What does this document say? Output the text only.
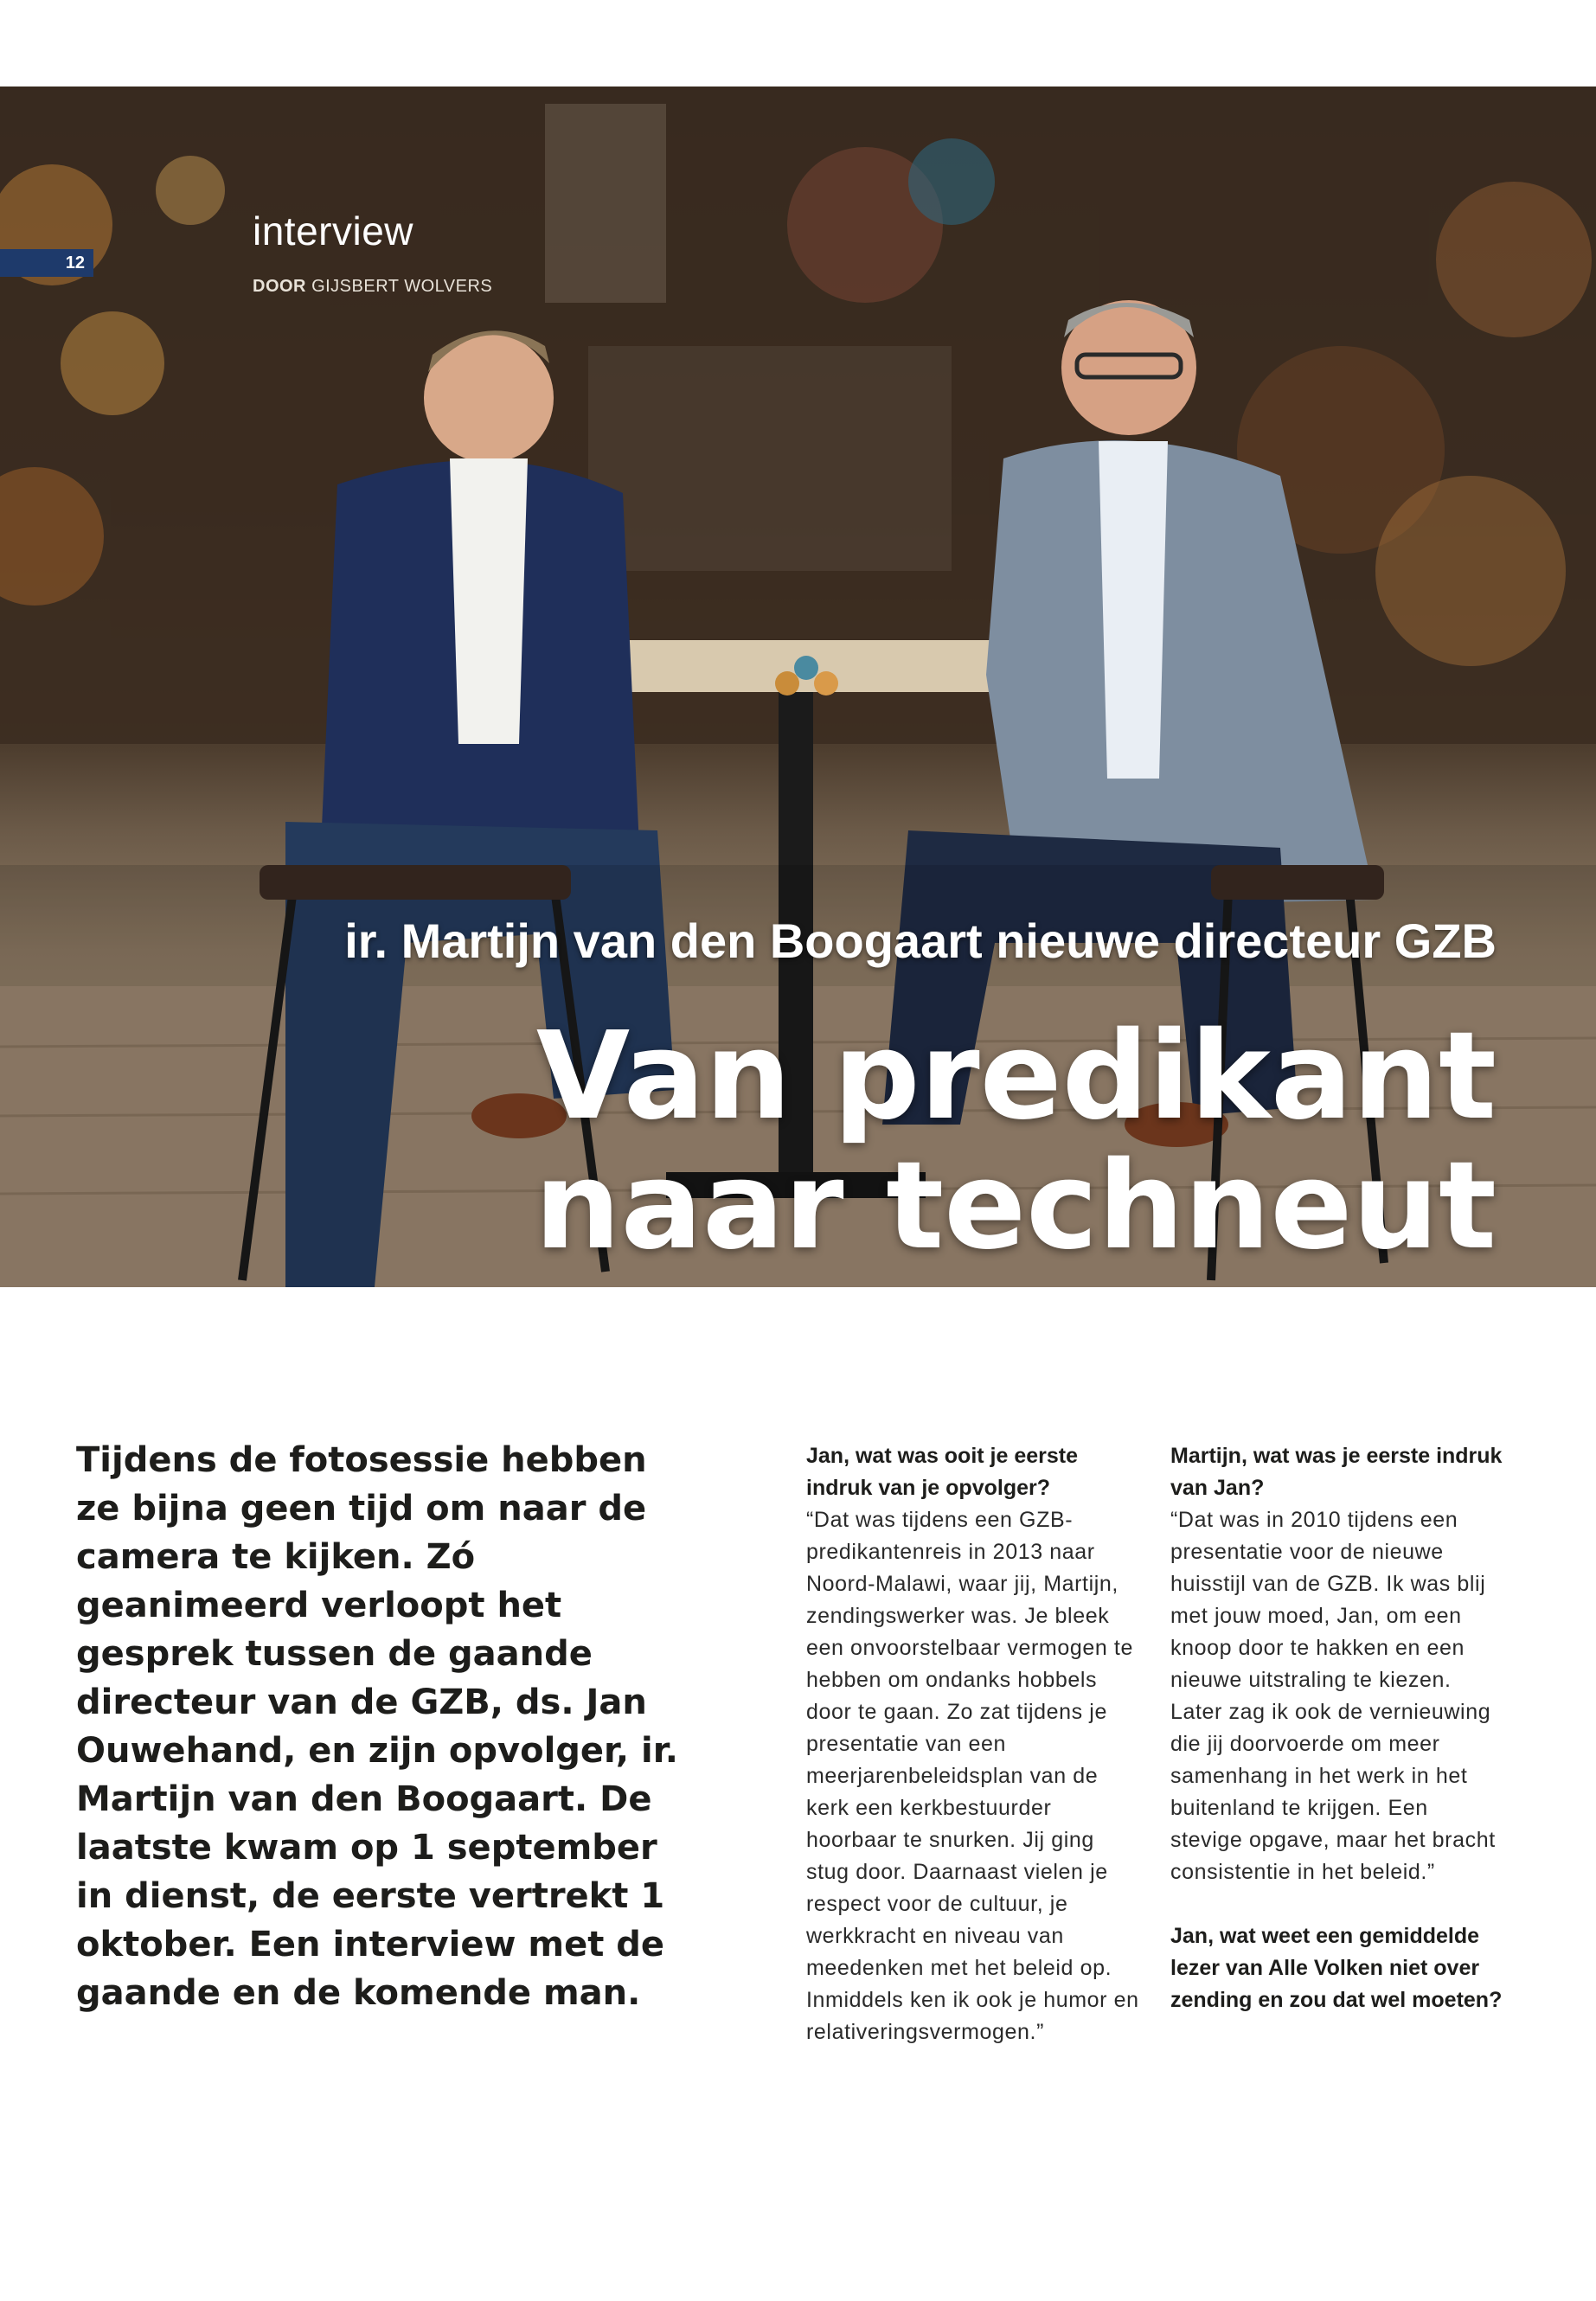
interview
DOOR GIJSBERT WOLVERS
12
ir. Martijn van den Boogaart nieuwe directeur GZB
Van predikant
naar techneut
Tijdens de fotosessie hebben ze bijna geen tijd om naar de camera te kijken. Zó geanimeerd verloopt het gesprek tussen de gaande directeur van de GZB, ds. Jan Ouwehand, en zijn opvolger, ir. Martijn van den Boogaart. De laatste kwam op 1 september in dienst, de eerste vertrekt 1 oktober. Een interview met de gaande en de komende man.
Jan, wat was ooit je eerste indruk van je opvolger?
“Dat was tijdens een GZB-predikantenreis in 2013 naar Noord-Malawi, waar jij, Martijn, zendingswerker was. Je bleek een onvoorstelbaar vermogen te hebben om ondanks hobbels door te gaan. Zo zat tijdens je presentatie van een meerjarenbeleidsplan van de kerk een kerkbestuurder hoorbaar te snurken. Jij ging stug door. Daarnaast vielen je respect voor de cultuur, je werkkracht en niveau van meedenken met het beleid op. Inmiddels ken ik ook je humor en relativeringsvermogen.”
Martijn, wat was je eerste indruk van Jan?
“Dat was in 2010 tijdens een presentatie voor de nieuwe huisstijl van de GZB. Ik was blij met jouw moed, Jan, om een knoop door te hakken en een nieuwe uitstraling te kiezen. Later zag ik ook de vernieuwing die jij doorvoerde om meer samenhang in het werk in het buitenland te krijgen. Een stevige opgave, maar het bracht consistentie in het beleid.”
Jan, wat weet een gemiddelde lezer van Alle Volken niet over zending en zou dat wel moeten?
